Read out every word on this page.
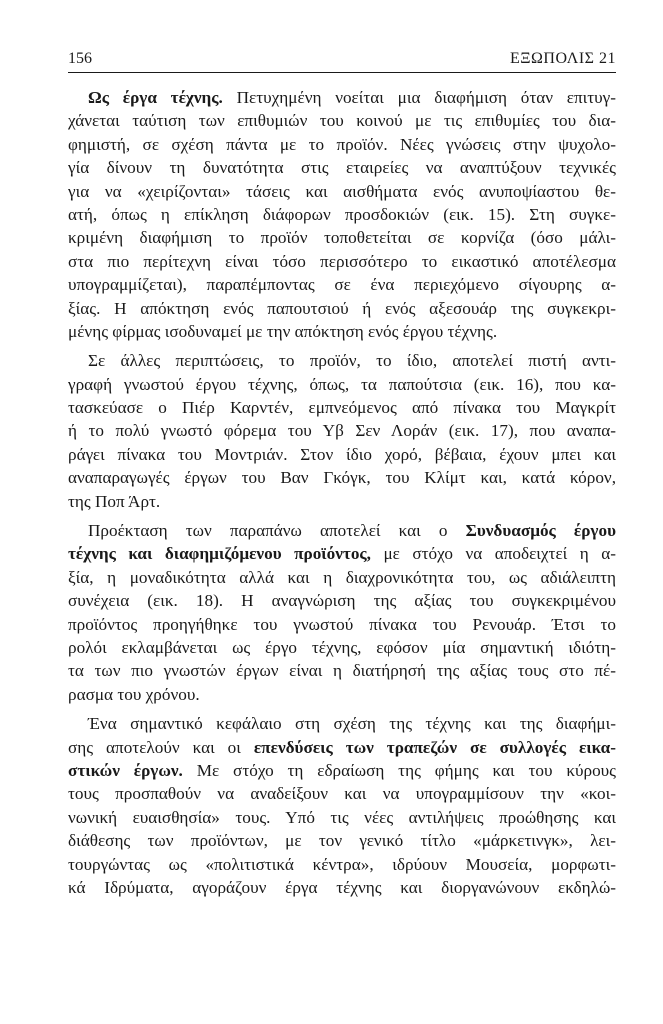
156	ΕΞΩΠΟΛΙΣ 21
Ως έργα τέχνης. Πετυχημένη νοείται μια διαφήμιση όταν επιτυγ-
χάνεται ταύτιση των επιθυμιών του κοινού με τις επιθυμίες του δια-
φημιστή, σε σχέση πάντα με το προϊόν. Νέες γνώσεις στην ψυχολο-
γία δίνουν τη δυνατότητα στις εταιρείες να αναπτύξουν τεχνικές
για να «χειρίζονται» τάσεις και αισθήματα ενός ανυποψίαστου θε-
ατή, όπως η επίκληση διάφορων προσδοκιών (εικ. 15). Στη συγκε-
κριμένη διαφήμιση το προϊόν τοποθετείται σε κορνίζα (όσο μάλι-
στα πιο περίτεχνη είναι τόσο περισσότερο το εικαστικό αποτέλεσμα
υπογραμμίζεται), παραπέμποντας σε ένα περιεχόμενο σίγουρης α-
ξίας. Η απόκτηση ενός παπουτσιού ή ενός αξεσουάρ της συγκεκρι-
μένης φίρμας ισοδυναμεί με την απόκτηση ενός έργου τέχνης.
Σε άλλες περιπτώσεις, το προϊόν, το ίδιο, αποτελεί πιστή αντι-
γραφή γνωστού έργου τέχνης, όπως, τα παπούτσια (εικ. 16), που κα-
τασκεύασε ο Πιέρ Καρντέν, εμπνεόμενος από πίνακα του Μαγκρίτ
ή το πολύ γνωστό φόρεμα του Υβ Σεν Λοράν (εικ. 17), που αναπα-
ράγει πίνακα του Μοντριάν. Στον ίδιο χορό, βέβαια, έχουν μπει και
αναπαραγωγές έργων του Βαν Γκόγκ, του Κλίμτ και, κατά κόρον,
της Ποπ Άρτ.
Προέκταση των παραπάνω αποτελεί και ο Συνδυασμός έργου
τέχνης και διαφημιζόμενου προϊόντος, με στόχο να αποδειχτεί η α-
ξία, η μοναδικότητα αλλά και η διαχρονικότητα του, ως αδιάλειπτη
συνέχεια (εικ. 18). Η αναγνώριση της αξίας του συγκεκριμένου
προϊόντος προηγήθηκε του γνωστού πίνακα του Ρενουάρ. Έτσι το
ρολόι εκλαμβάνεται ως έργο τέχνης, εφόσον μία σημαντική ιδιότη-
τα των πιο γνωστών έργων είναι η διατήρησή της αξίας τους στο πέ-
ρασμα του χρόνου.
Ένα σημαντικό κεφάλαιο στη σχέση της τέχνης και της διαφήμι-
σης αποτελούν και οι επενδύσεις των τραπεζών σε συλλογές εικα-
στικών έργων. Με στόχο τη εδραίωση της φήμης και του κύρους
τους προσπαθούν να αναδείξουν και να υπογραμμίσουν την «κοι-
νωνική ευαισθησία» τους. Υπό τις νέες αντιλήψεις προώθησης και
διάθεσης των προϊόντων, με τον γενικό τίτλο «μάρκετινγκ», λει-
τουργώντας ως «πολιτιστικά κέντρα», ιδρύουν Μουσεία, μορφωτι-
κά Ιδρύματα, αγοράζουν έργα τέχνης και διοργανώνουν εκδηλώ-
